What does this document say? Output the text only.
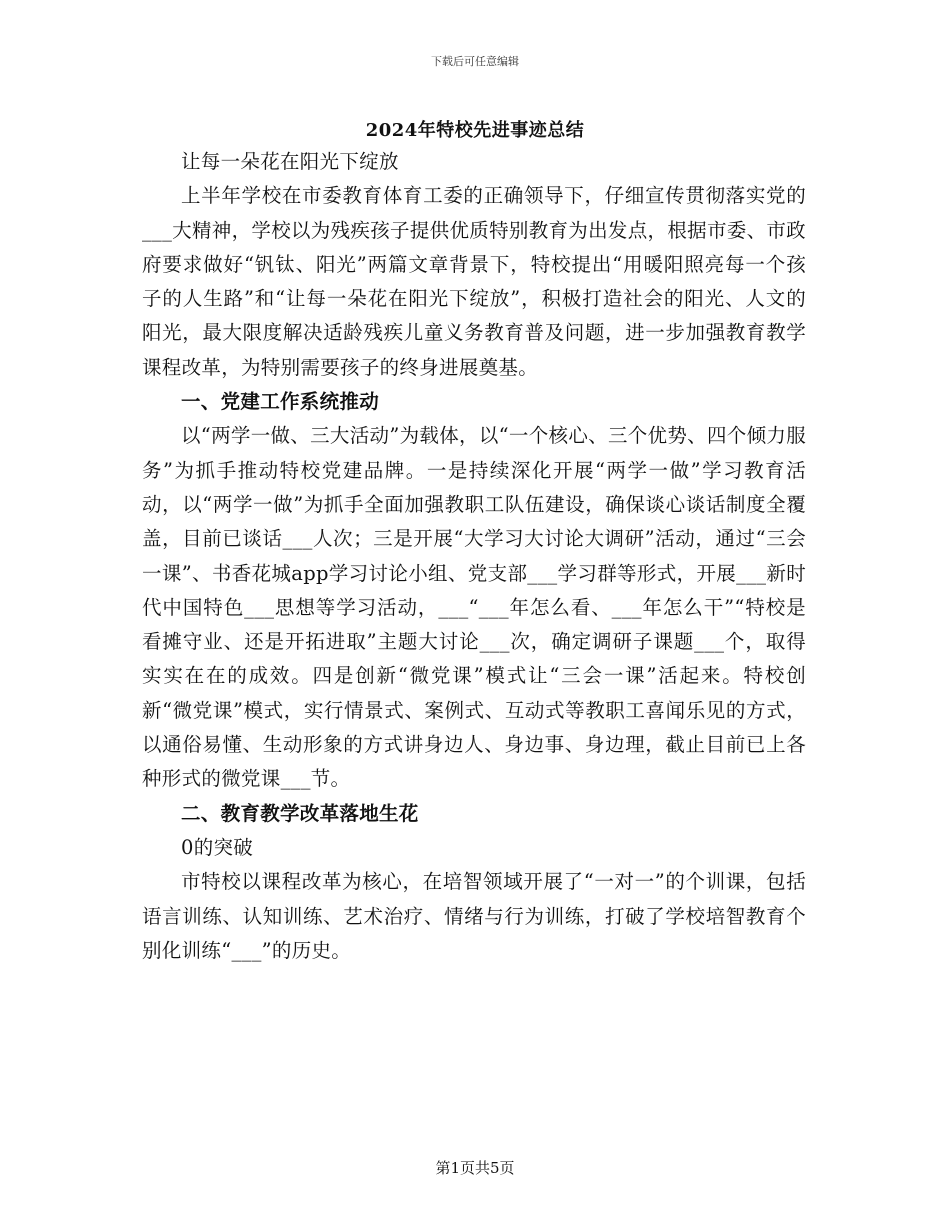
下载后可任意编辑
2024年特校先进事迹总结

让每一朵花在阳光下绽放

上半年学校在市委教育体育工委的正确领导下，仔细宣传贯彻落实党的___大精神，学校以为残疾孩子提供优质特别教育为出发点，根据市委、市政府要求做好“钒钛、阳光”两篇文章背景下，特校提出“用暖阳照亮每一个孩子的人生路”和“让每一朵花在阳光下绽放”，积极打造社会的阳光、人文的阳光，最大限度解决适龄残疾儿童义务教育普及问题，进一步加强教育教学课程改革，为特别需要孩子的终身进展奠基。

一、党建工作系统推动

以“两学一做、三大活动”为载体，以“一个核心、三个优势、四个倾力服务”为抓手推动特校党建品牌。一是持续深化开展“两学一做”学习教育活动，以“两学一做”为抓手全面加强教职工队伍建设，确保谈心谈话制度全覆盖，目前已谈话___人次；三是开展“大学习大讨论大调研”活动，通过“三会一课”、书香花城app学习讨论小组、党支部___学习群等形式，开展___新时代中国特色___思想等学习活动，___“___年怎么看、___年怎么干”“特校是看摊守业、还是开拓进取”主题大讨论___次，确定调研子课题___个，取得实实在在的成效。四是创新“微党课”模式让“三会一课”活起来。特校创新“微党课”模式，实行情景式、案例式、互动式等教职工喜闻乐见的方式，以通俗易懂、生动形象的方式讲身边人、身边事、身边理，截止目前已上各种形式的微党课___节。

二、教育教学改革落地生花

0的突破

市特校以课程改革为核心，在培智领域开展了“一对一”的个训课，包括语言训练、认知训练、艺术治疗、情绪与行为训练，打破了学校培智教育个别化训练“___”的历史。

第1页共5页
